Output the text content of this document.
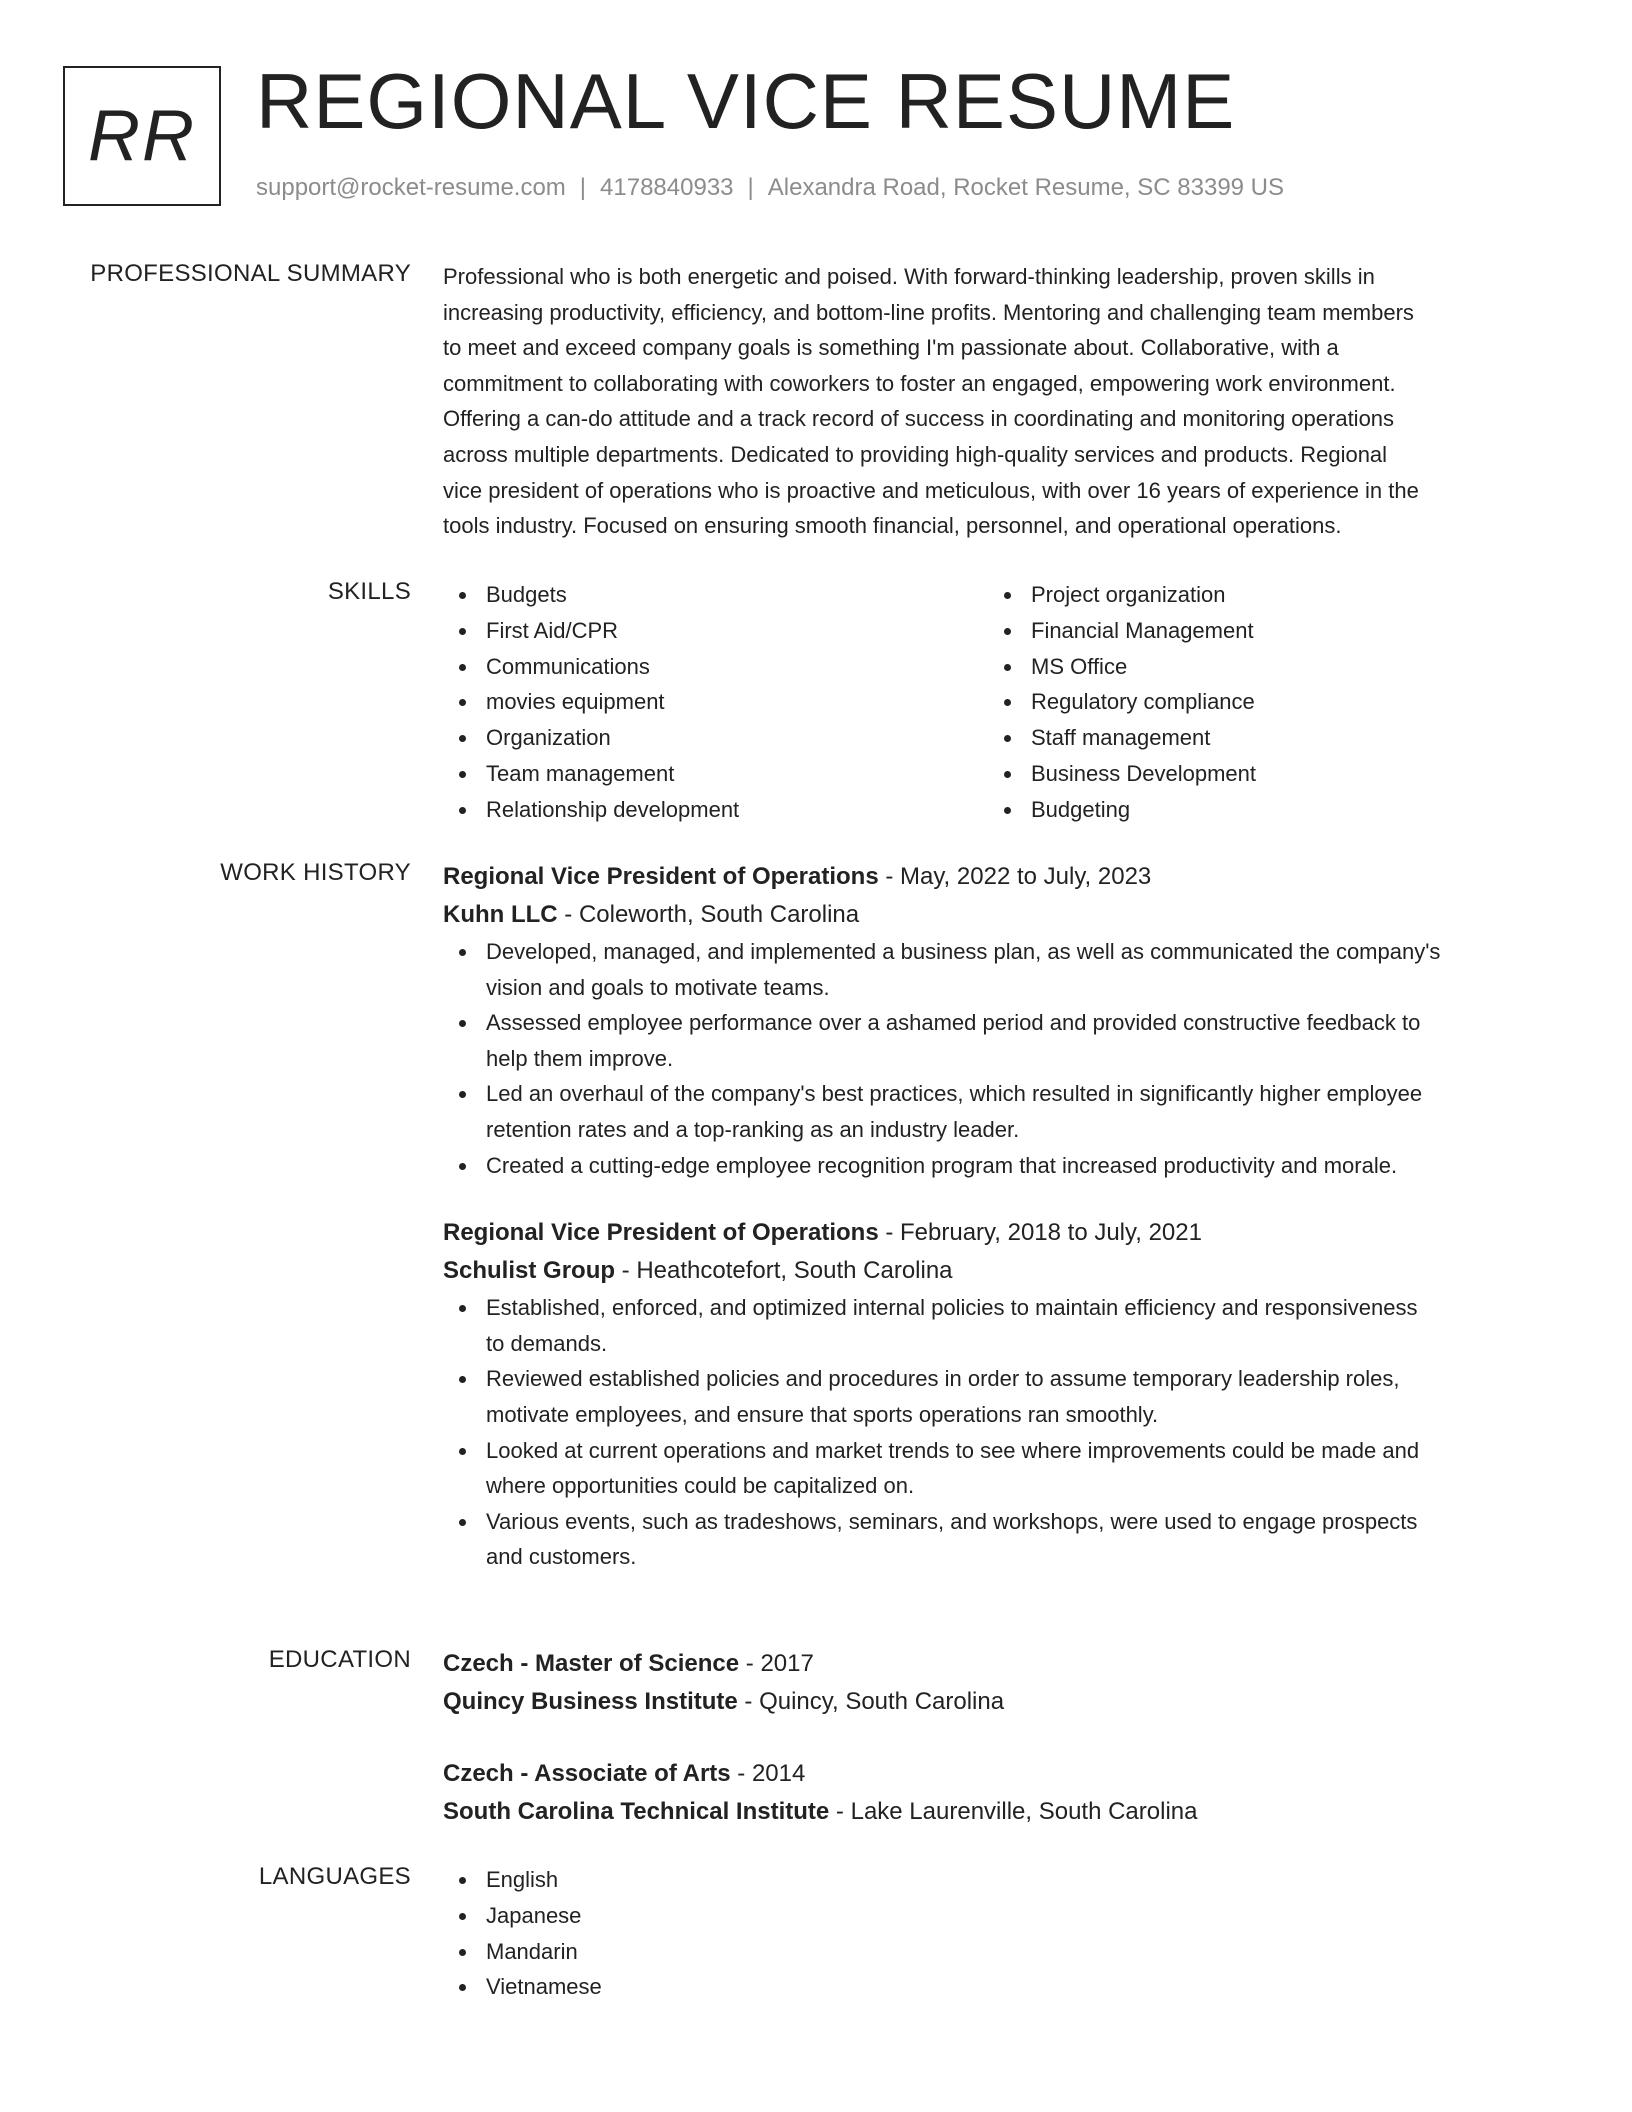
RR REGIONAL VICE RESUME
support@rocket-resume.com | 4178840933 | Alexandra Road, Rocket Resume, SC 83399 US
PROFESSIONAL SUMMARY Professional who is both energetic and poised. With forward-thinking leadership, proven skills in
increasing productivity, efficiency, and bottom-line profits. Mentoring and challenging team members
to meet and exceed company goals is something I'm passionate about. Collaborative, with a
commitment to collaborating with coworkers to foster an engaged, empowering work environment.
Offering a can-do attitude and a track record of success in coordinating and monitoring operations
across multiple departments. Dedicated to providing high-quality services and products. Regional
vice president of operations who is proactive and meticulous, with over 16 years of experience in the
tools industry. Focused on ensuring smooth financial, personnel, and operational operations.
SKILLS	Budgets
First Aid/CPR
Communications
movies equipment
Organization
Team management
Relationship development
Project organization
Financial Management
MS Office
Regulatory compliance
Staff management
Business Development
Budgeting
WORK HISTORY Regional Vice President of Operations - May, 2022 to July, 2023
Kuhn LLC - Coleworth, South Carolina
Developed, managed, and implemented a business plan, as well as communicated the company's
vision and goals to motivate teams.
Assessed employee performance over a ashamed period and provided constructive feedback to
help them improve.
Led an overhaul of the company's best practices, which resulted in significantly higher employee
retention rates and a top-ranking as an industry leader.
Created a cutting-edge employee recognition program that increased productivity and morale.
Regional Vice President of Operations - February, 2018 to July, 2021
Schulist Group - Heathcotefort, South Carolina
Established, enforced, and optimized internal policies to maintain efficiency and responsiveness
to demands.
Reviewed established policies and procedures in order to assume temporary leadership roles,
motivate employees, and ensure that sports operations ran smoothly.
Looked at current operations and market trends to see where improvements could be made and
where opportunities could be capitalized on.
Various events, such as tradeshows, seminars, and workshops, were used to engage prospects
and customers.
EDUCATION Czech - Master of Science - 2017
Quincy Business Institute - Quincy, South Carolina
Czech - Associate of Arts - 2014
South Carolina Technical Institute - Lake Laurenville, South Carolina
LANGUAGES	English
Japanese
Mandarin
Vietnamese
